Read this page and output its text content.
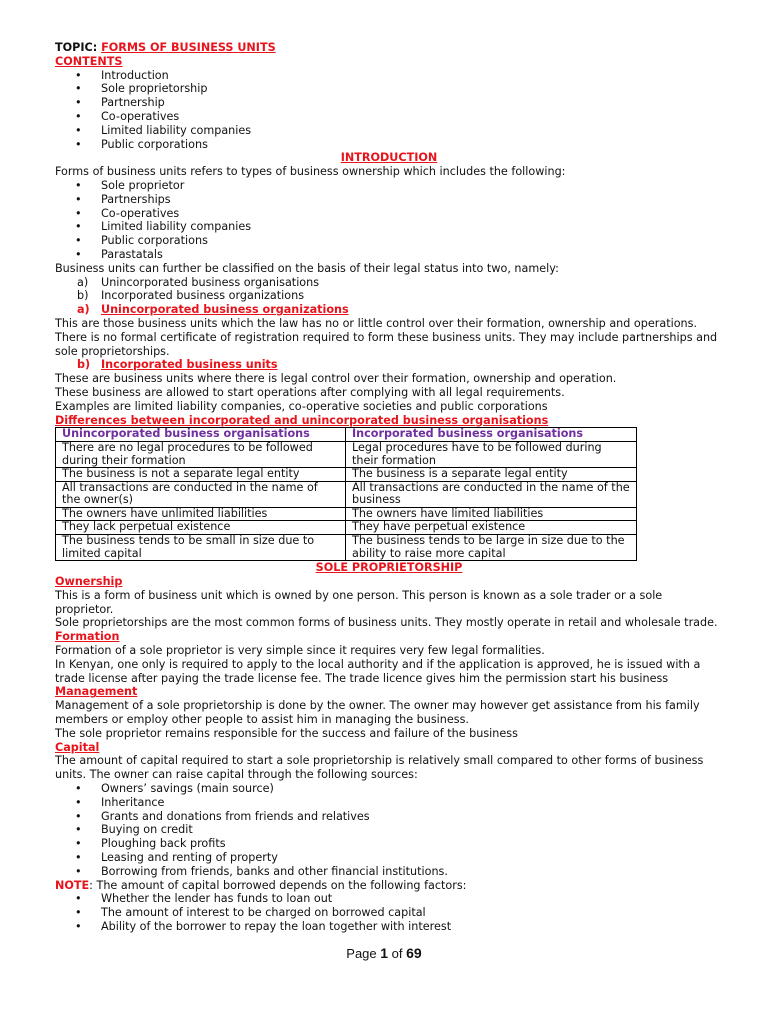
TOPIC: FORMS OF BUSINESS UNITS

CONTENTS

• Introduction
• Sole proprietorship
• Partnership
• Co-operatives
• Limited liability companies
• Public corporations

INTRODUCTION

Forms of business units refers to types of business ownership which includes the following:

• Sole proprietor
• Partnerships
• Co-operatives
• Limited liability companies
• Public corporations
• Parastatals

Business units can further be classified on the basis of their legal status into two, namely:

a) Unincorporated business organisations
b) Incorporated business organizations

a) Unincorporated business organizations

This are those business units which the law has no or little control over their formation, ownership and operations. There is no formal certificate of registration required to form these business units. They may include partnerships and sole proprietorships.

b) Incorporated business units

These are business units where there is legal control over their formation, ownership and operation.

These business are allowed to start operations after complying with all legal requirements.

Examples are limited liability companies, co-operative societies and public corporations

Differences between incorporated and unincorporated business organisations

Unincorporated business organisations	Incorporated business organisations
There are no legal procedures to be followed during their formation	Legal procedures have to be followed during their formation
The business is not a separate legal entity	The business is a separate legal entity
All transactions are conducted in the name of the owner(s)	All transactions are conducted in the name of the business
The owners have unlimited liabilities	The owners have limited liabilities
They lack perpetual existence	They have perpetual existence
The business tends to be small in size due to limited capital	The business tends to be large in size due to the ability to raise more capital

SOLE PROPRIETORSHIP

Ownership

This is a form of business unit which is owned by one person. This person is known as a sole trader or a sole proprietor.

Sole proprietorships are the most common forms of business units. They mostly operate in retail and wholesale trade.

Formation

Formation of a sole proprietor is very simple since it requires very few legal formalities.

In Kenyan, one only is required to apply to the local authority and if the application is approved, he is issued with a trade license after paying the trade license fee. The trade licence gives him the permission start his business

Management

Management of a sole proprietorship is done by the owner. The owner may however get assistance from his family members or employ other people to assist him in managing the business.

The sole proprietor remains responsible for the success and failure of the business

Capital

The amount of capital required to start a sole proprietorship is relatively small compared to other forms of business units. The owner can raise capital through the following sources:

• Owners’ savings (main source)
• Inheritance
• Grants and donations from friends and relatives
• Buying on credit
• Ploughing back profits
• Leasing and renting of property
• Borrowing from friends, banks and other financial institutions.

NOTE: The amount of capital borrowed depends on the following factors:

• Whether the lender has funds to loan out
• The amount of interest to be charged on borrowed capital
• Ability of the borrower to repay the loan together with interest
Page 1 of 69
